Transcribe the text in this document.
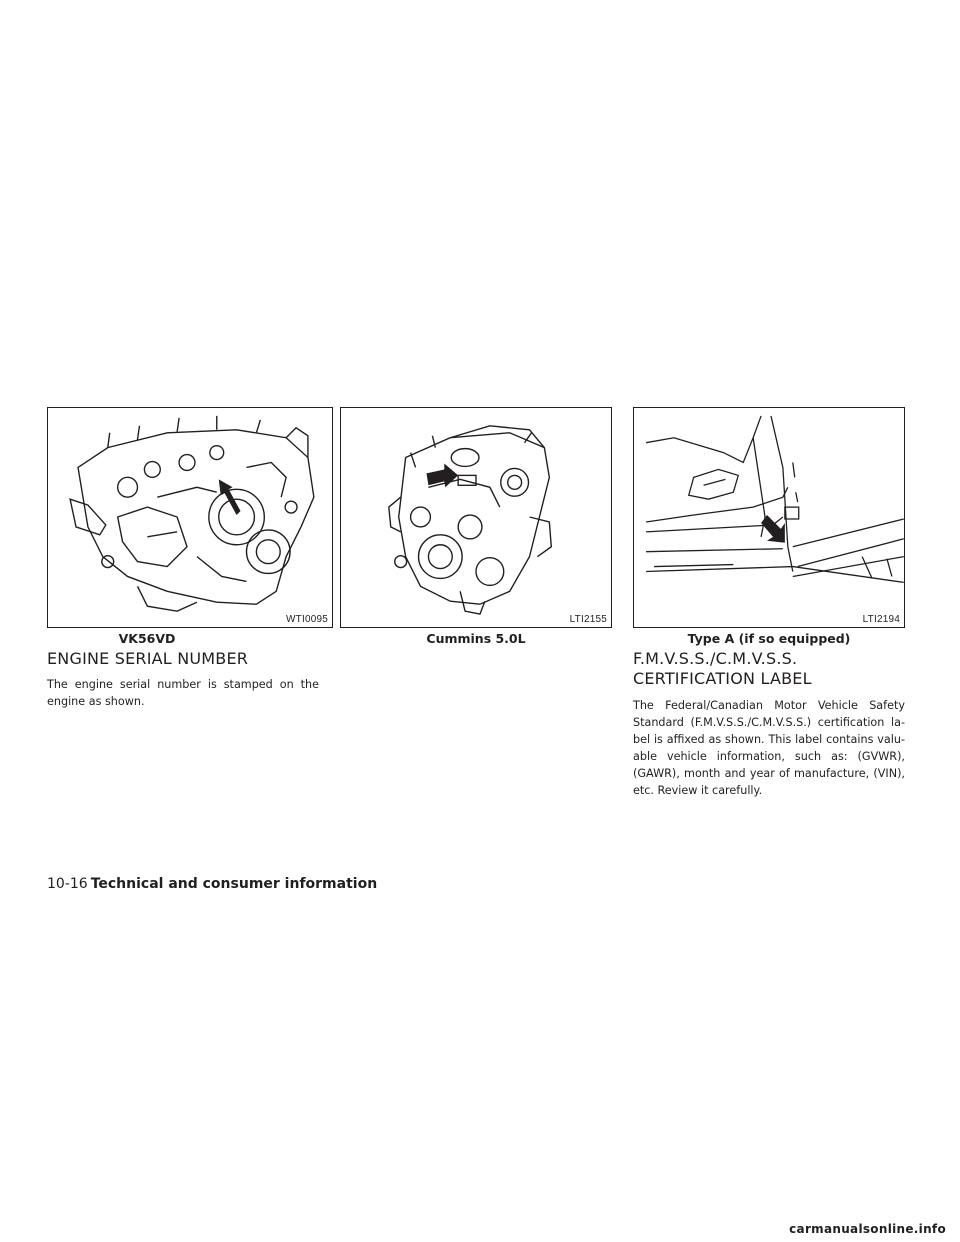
WTI0095
VK56VD
LTI2155
Cummins 5.0L
LTI2194
Type A (if so equipped)
ENGINE SERIAL NUMBER

The engine serial number is stamped on the engine as shown.

F.M.V.S.S./C.M.V.S.S.
CERTIFICATION LABEL

The Federal/Canadian Motor Vehicle Safety Standard (F.M.V.S.S./C.M.V.S.S.) certification la-bel is affixed as shown. This label contains valu-able vehicle information, such as: (GVWR), (GAWR), month and year of manufacture, (VIN), etc. Review it carefully.

10-16 Technical and consumer information
carmanualsonline.info
